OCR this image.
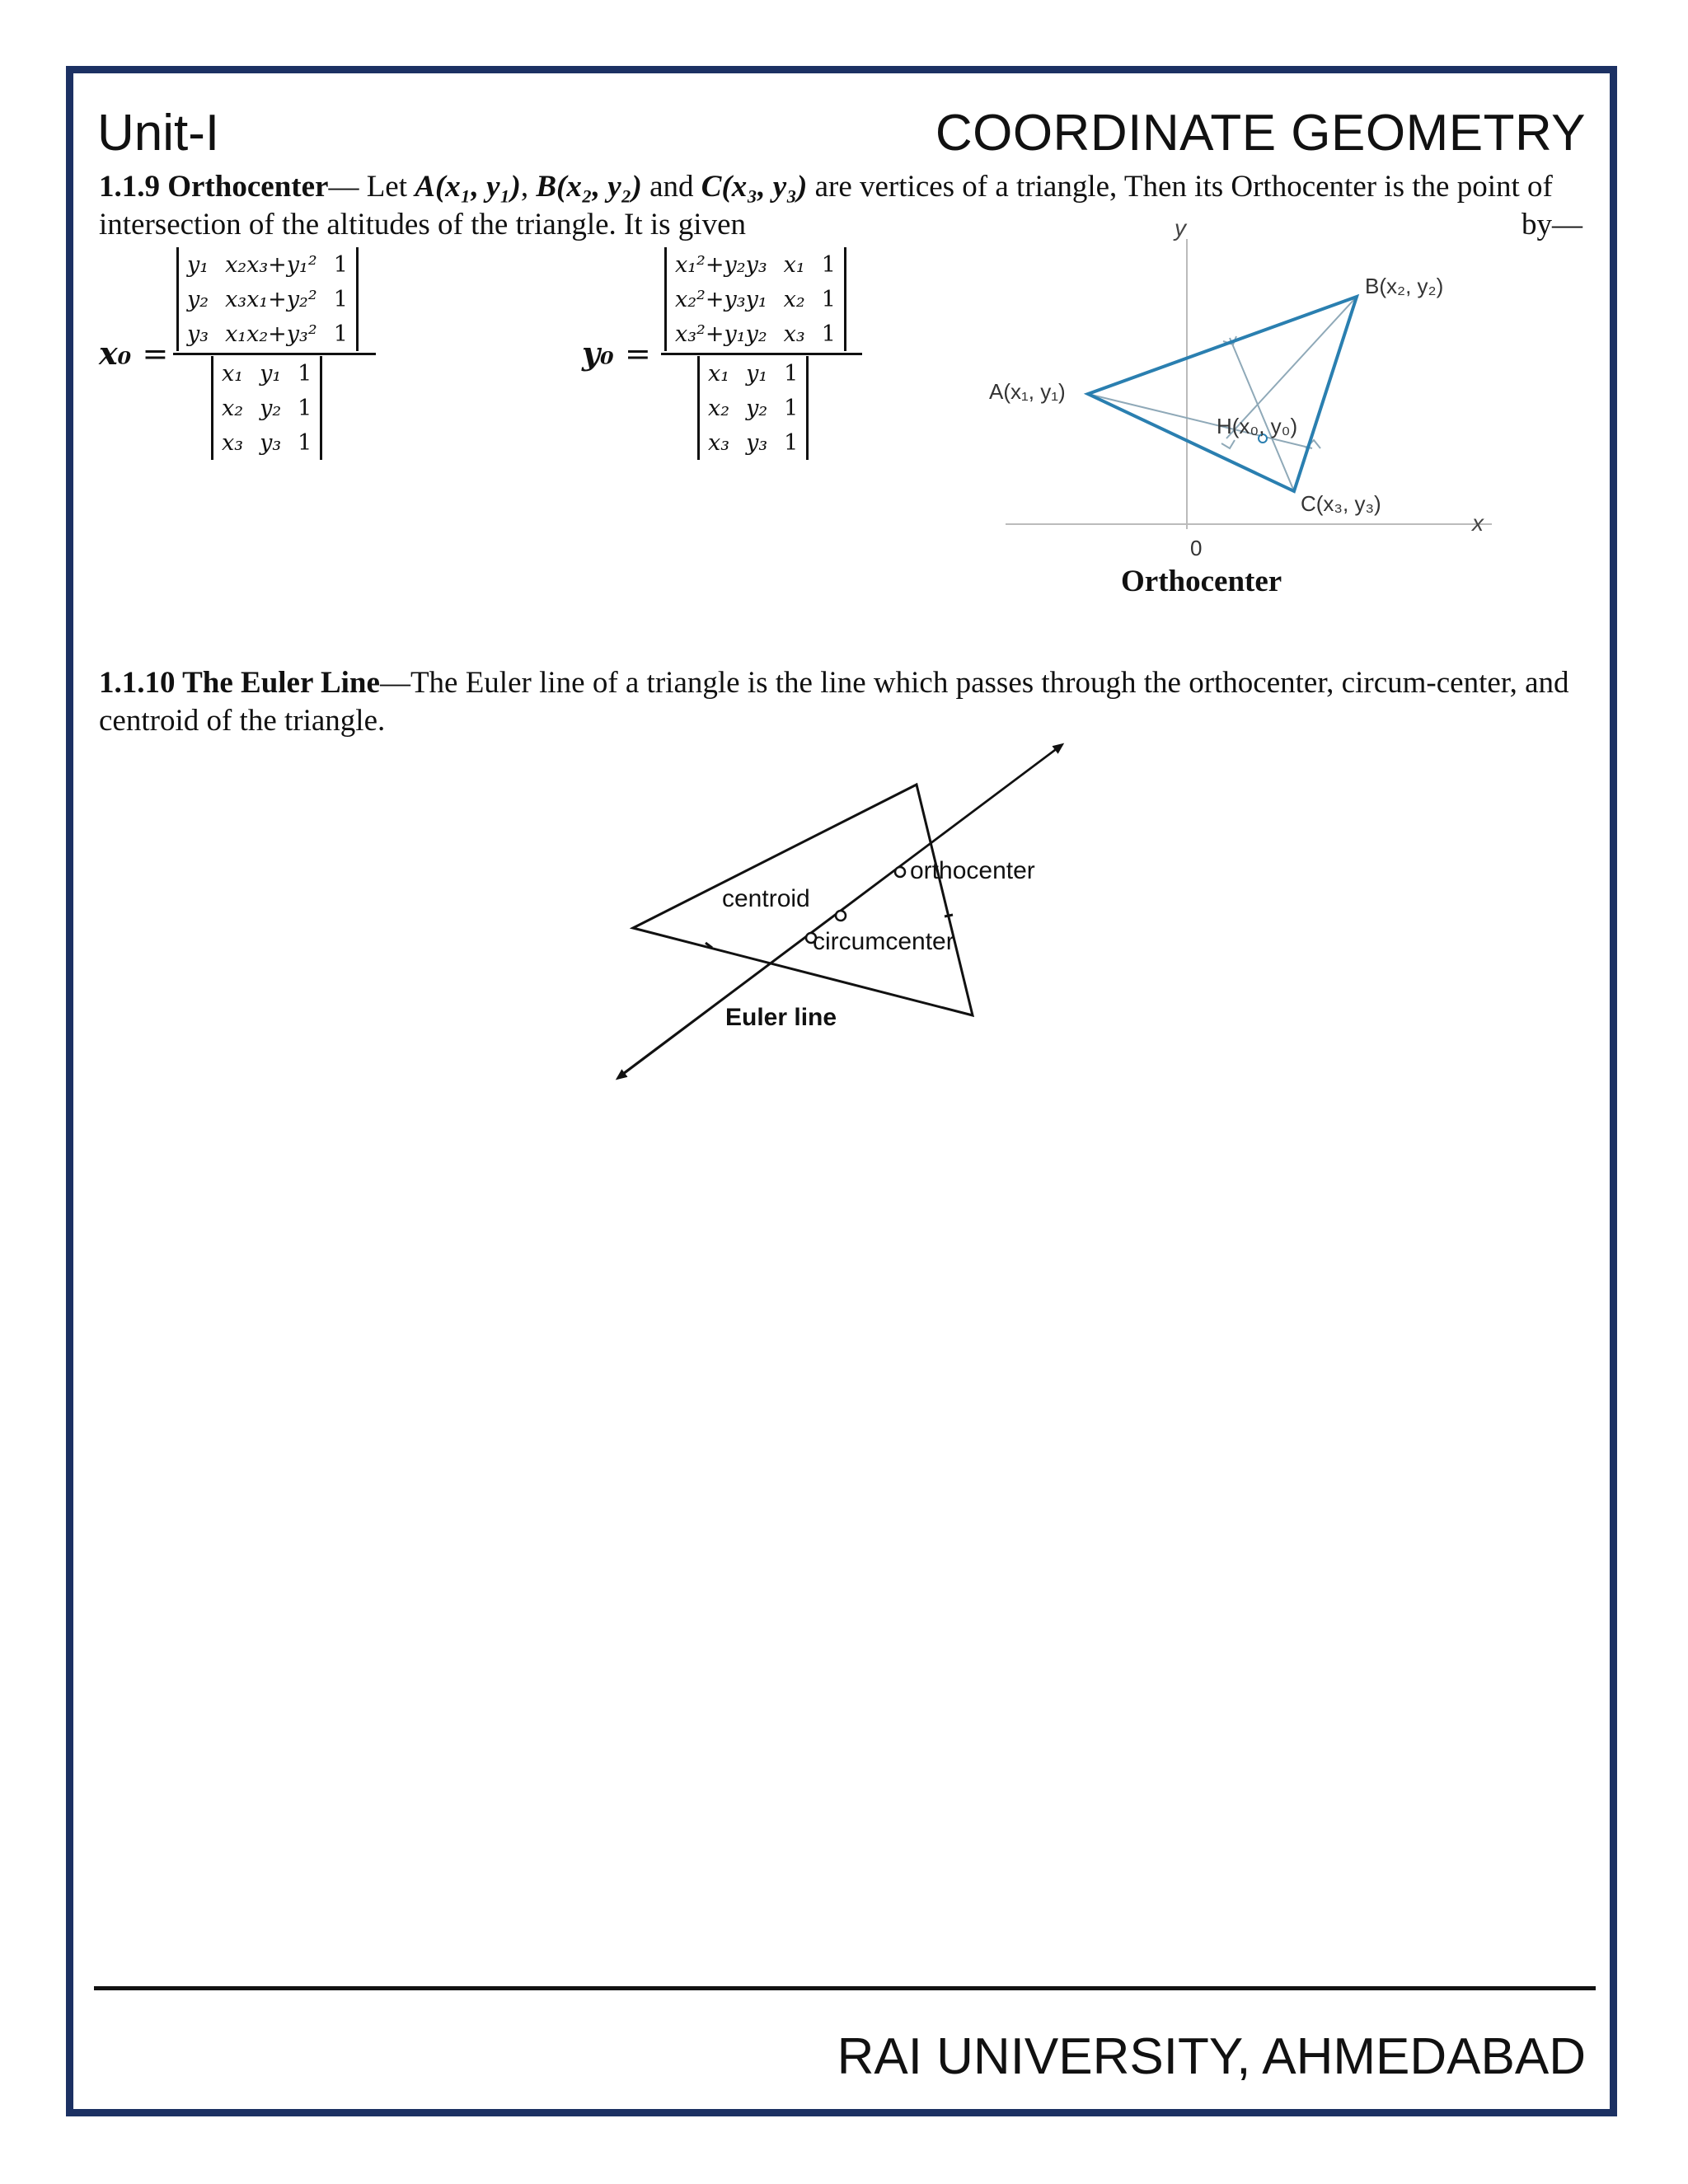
Unit-I	COORDINATE GEOMETRY
1.1.9 Orthocenter— Let A(x₁, y₁), B(x₂, y₂) and C(x₃, y₃) are vertices of a triangle, Then its Orthocenter is the point of intersection of the altitudes of the triangle. It is given	by—
x₀ =
y₁	x₂x₃+y₁²	1
y₂	x₃x₁+y₂²	1
y₃	x₁x₂+y₃²	1
x₁	y₁	1
x₂	y₂	1
x₃	y₃	1
y₀ =
x₁²+y₂y₃	x₁	1
x₂²+y₃y₁	x₂	1
x₃²+y₁y₂	x₃	1
x₁	y₁	1
x₂	y₂	1
x₃	y₃	1
y
x
0
A(x₁, y₁)
B(x₂, y₂)
C(x₃, y₃)
H(x₀, y₀)
Orthocenter
1.1.10 The Euler Line—The Euler line of a triangle is the line which passes through the orthocenter, circum-center, and centroid of the triangle.
orthocenter
centroid
circumcenter
Euler line
RAI UNIVERSITY, AHMEDABAD
